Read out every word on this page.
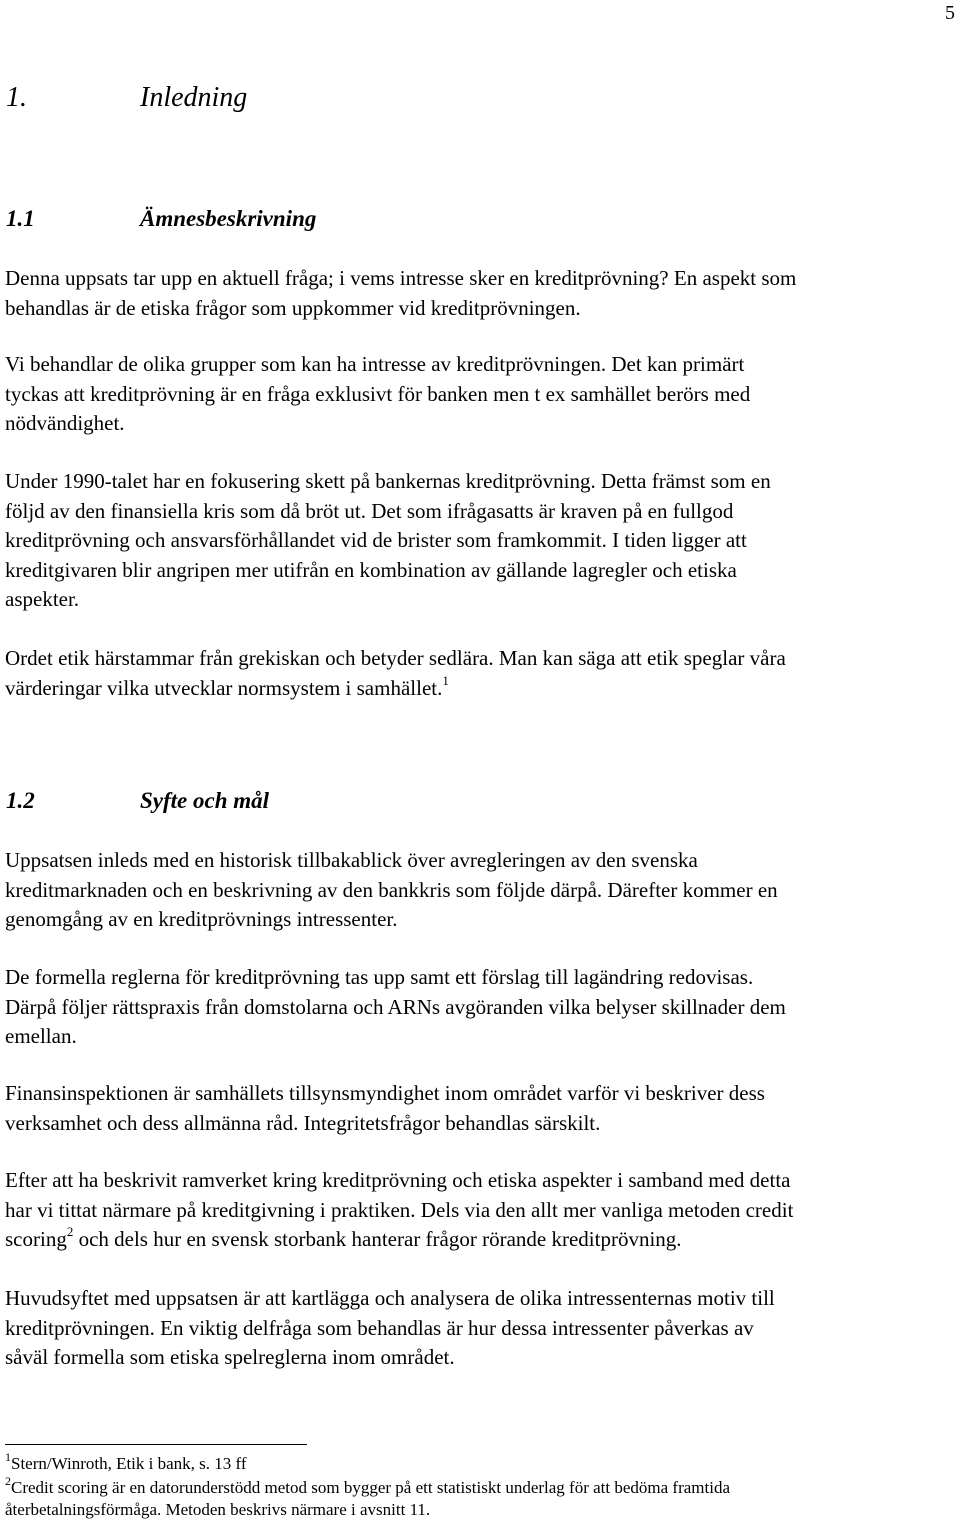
5
1.	Inledning
1.1	Ämnesbeskrivning
Denna uppsats tar upp en aktuell fråga; i vems intresse sker en kreditprövning? En aspekt som
behandlas är de etiska frågor som uppkommer vid kreditprövningen.
Vi behandlar de olika grupper som kan ha intresse av kreditprövningen. Det kan primärt
tyckas att kreditprövning är en fråga exklusivt för banken men t ex samhället berörs med
nödvändighet.
Under 1990-talet har en fokusering skett på bankernas kreditprövning. Detta främst som en
följd av den finansiella kris som då bröt ut. Det som ifrågasatts är kraven på en fullgod
kreditprövning och ansvarsförhållandet vid de brister som framkommit. I tiden ligger att
kreditgivaren blir angripen mer utifrån en kombination av gällande lagregler och etiska
aspekter.
Ordet etik härstammar från grekiskan och betyder sedlära. Man kan säga att etik speglar våra
värderingar vilka utvecklar normsystem i samhället.$^1$
1.2	Syfte och mål
Uppsatsen inleds med en historisk tillbakablick över avregleringen av den svenska
kreditmarknaden och en beskrivning av den bankkris som följde därpå. Därefter kommer en
genomgång av en kreditprövnings intressenter.
De formella reglerna för kreditprövning tas upp samt ett förslag till lagändring redovisas.
Därpå följer rättspraxis från domstolarna och ARNs avgöranden vilka belyser skillnader dem
emellan.
Finansinspektionen är samhällets tillsynsmyndighet inom området varför vi beskriver dess
verksamhet och dess allmänna råd. Integritetsfrågor behandlas särskilt.
Efter att ha beskrivit ramverket kring kreditprövning och etiska aspekter i samband med detta
har vi tittat närmare på kreditgivning i praktiken. Dels via den allt mer vanliga metoden credit
scoring$^2$ och dels hur en svensk storbank hanterar frågor rörande kreditprövning.
Huvudsyftet med uppsatsen är att kartlägga och analysera de olika intressenternas motiv till
kreditprövningen. En viktig delfråga som behandlas är hur dessa intressenter påverkas av
såväl formella som etiska spelreglerna inom området.
$^1$Stern/Winroth, Etik i bank, s. 13 ff
$^2$Credit scoring är en datorunderstödd metod som bygger på ett statistiskt underlag för att bedöma framtida
återbetalningsförmåga. Metoden beskrivs närmare i avsnitt 11.
